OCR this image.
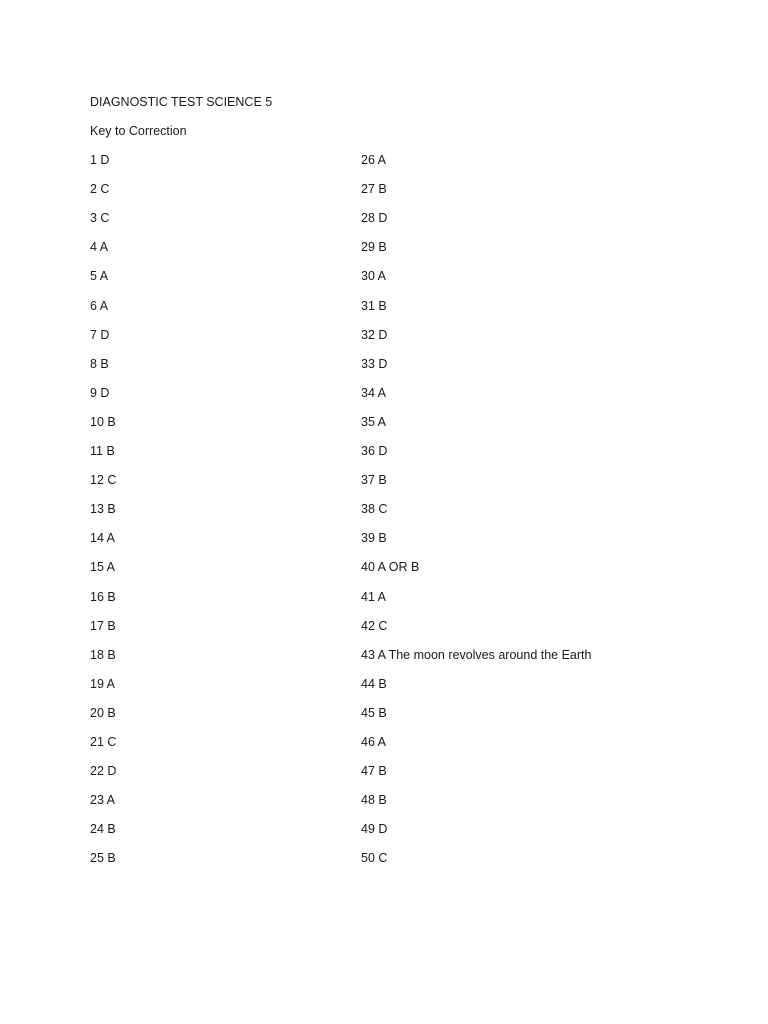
DIAGNOSTIC TEST SCIENCE 5
Key to Correction
1 D
2 C
3 C
4 A
5 A
6 A
7 D
8 B
9 D
10 B
11 B
12 C
13 B
14 A
15 A
16 B
17 B
18 B
19 A
20 B
21 C
22 D
23 A
24 B
25 B
26 A
27 B
28 D
29 B
30 A
31 B
32 D
33 D
34 A
35 A
36 D
37 B
38 C
39 B
40 A OR B
41 A
42 C
43 A The moon revolves around the Earth
44 B
45 B
46 A
47 B
48 B
49 D
50 C
